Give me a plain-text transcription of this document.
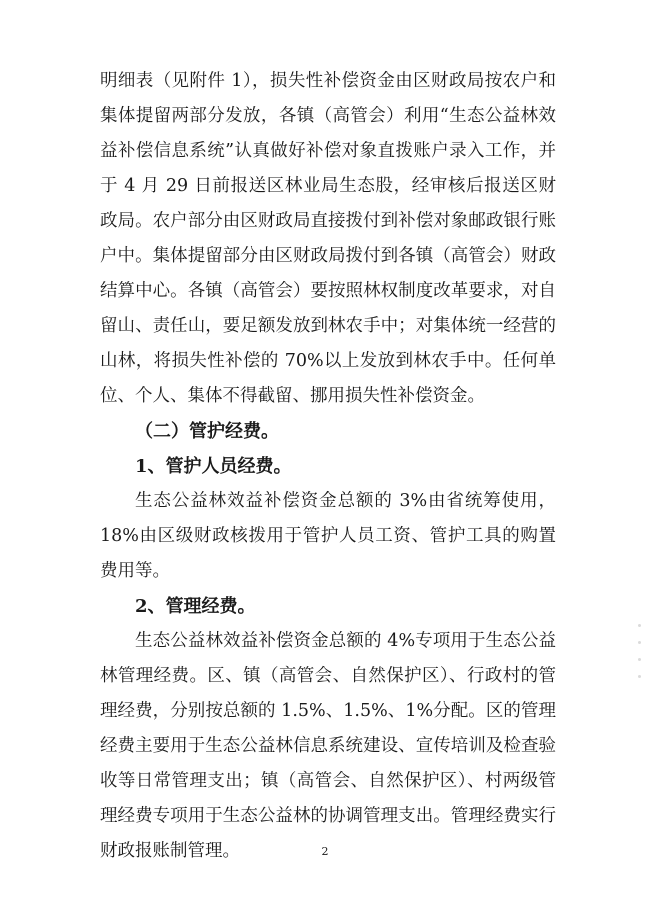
明细表（见附件 1），损失性补偿资金由区财政局按农户和集体提留两部分发放，各镇（高管会）利用“生态公益林效益补偿信息系统”认真做好补偿对象直拨账户录入工作，并于 4 月 29 日前报送区林业局生态股，经审核后报送区财政局。农户部分由区财政局直接拨付到补偿对象邮政银行账户中。集体提留部分由区财政局拨付到各镇（高管会）财政结算中心。各镇（高管会）要按照林权制度改革要求，对自留山、责任山，要足额发放到林农手中；对集体统一经营的山林，将损失性补偿的 70%以上发放到林农手中。任何单位、个人、集体不得截留、挪用损失性补偿资金。

（二）管护经费。

1、管护人员经费。

生态公益林效益补偿资金总额的 3%由省统筹使用，18%由区级财政核拨用于管护人员工资、管护工具的购置费用等。

2、管理经费。

生态公益林效益补偿资金总额的 4%专项用于生态公益林管理经费。区、镇（高管会、自然保护区）、行政村的管理经费，分别按总额的 1.5%、1.5%、1%分配。区的管理经费主要用于生态公益林信息系统建设、宣传培训及检查验收等日常管理支出；镇（高管会、自然保护区）、村两级管理经费专项用于生态公益林的协调管理支出。管理经费实行财政报账制管理。	2
